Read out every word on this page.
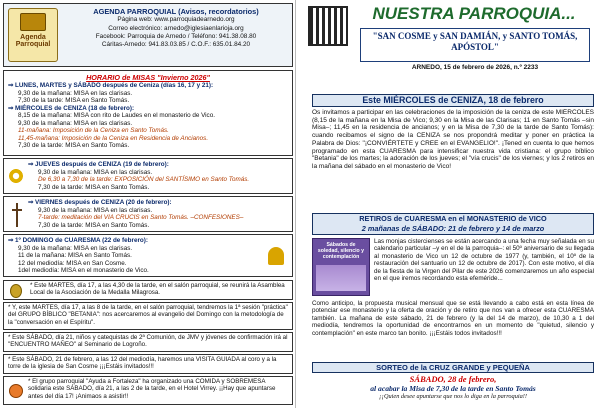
Agenda
Parroquial
AGENDA PARROQUIAL (Avisos, recordatorios)
Página web: www.parroquiadearnedo.org
Correo electrónico: arnedo@iglesiaenlarioja.org
Facebook: Parroquia de Arnedo / Teléfono: 941.38.08.80
Cáritas-Arnedo: 941.83.03.85 / C.O.F.: 635.01.84.20
HORARIO de MISAS "Invierno 2026"
⇒ LUNES, MARTES y SÁBADO después de Ceniza (días 16, 17 y 21):
9,30 de la mañana: MISA en las clarisas.
7,30 de la tarde: MISA en Santo Tomás.
⇒ MIÉRCOLES de CENIZA (18 de febrero):
8,15 de la mañana: MISA con rito de Laudes en el monasterio de Vico.
9,30 de la mañana: MISA en las clarisas.
11-mañana: Imposición de la Ceniza en Santo Tomás.
11,45-mañana: Imposición de la Ceniza en Residencia de Ancianos.
7,30 de la tarde: MISA en Santo Tomás.
⇒ JUEVES después de CENIZA (19 de febrero):
9,30 de la mañana: MISA en las clarisas.
De 6,30 a 7,30 de la tarde: EXPOSICIÓN del SANTÍSIMO en Santo Tomás.
7,30 de la tarde: MISA en Santo Tomás.
⇒ VIERNES después de CENIZA (20 de febrero):
9,30 de la mañana: MISA en las clarisas.
7-tarde: meditación del VIA CRUCIS en Santo Tomás. –CONFESIONES–
7,30 de la tarde: MISA en Santo Tomás.
⇒ 1º DOMINGO de CUARESMA (22 de febrero):
9,30 de la mañana: MISA en las clarisas.
11 de la mañana: MISA en Santo Tomás.
12 del mediodía: MISA en San Cosme.
1del mediodía: MISA en el monasterio de Vico.
* Este MARTES, día 17, a las 4,30 de la tarde, en el salón parroquial, se reunirá la Asamblea Local de la Asociación de la Medalla Milagrosa.
* Y, este MARTES, día 17, a las 8 de la tarde, en el salón parroquial, tendremos la 1ª sesión "práctica" del GRUPO BÍBLICO "BETANIA": nos acercaremos al evangelio del Domingo con la metodología de la "conversación en el Espíritu".
* Este SÁBADO, día 21, niños y catequistas de 2ª Comunión, de JMV y jóvenes de confirmación irá al "ENCUENTRO MAÑEO" al Seminario de Logroño.
* Este SÁBADO, 21 de febrero, a las 12 del mediodía, haremos una VISITA GUIADA al coro y a la torre de la iglesia de San Cosme ¡¡¡Estáis invitados!!!
* El grupo parroquial "Ayuda a Fortaleza" ha organizado una COMIDA y SOBREMESA solidaria este SÁBADO, día 21, a las 2 de la tarde, en el Hotel Virrey. ¡¡Hay que apuntarse antes del día 17! ¡Animaos a asistir!!
NUESTRA PARROQUIA...
"SAN COSME y SAN DAMIÁN, y SANTO TOMÁS, APÓSTOL"
ARNEDO, 15 de febrero de 2026, n.º 2233
Este MIÉRCOLES de CENIZA, 18 de febrero
Os invitamos a participar en las celebraciones de la imposición de la ceniza de este MIÉRCOLES (8,15 de la mañana en la Misa de Vico; 9,30 en la Misa de las Clarisas; 11 en Santo Tomás –sin Misa–; 11,45 en la residencia de ancianos; y en la Misa de 7,30 de la tarde de Santo Tomás): cuando recibamos el signo de la CENIZA se nos propondrá meditar y poner en práctica la Palabra de Dios: "¡CONVIÉRTETE y CREE en el EVANGELIO!". ¡Tened en cuenta lo que hemos programado en esta CUARESMA para intensificar nuestra vida cristiana: el grupo bíblico "Betania" de los martes; la adoración de los jueves; el "vía crucis" de los viernes; y los 2 retiros en la mañana del sábado en el monasterio de Vico!
RETIROS de CUARESMA en el MONASTERIO de VICO
2 mañanas de SÁBADO: 21 de febrero y 14 de marzo
Sábados de soledad, silencio y contemplación
Las monjas cistercienses se están acercando a una fecha muy señalada en su calendario particular –y en el de la parroquia–: el 50º aniversario de su llegada al monasterio de Vico un 12 de octubre de 1977 (y, también, el 10º de la restauración del santuario un 12 de octubre de 2017). Con este motivo, el día de la fiesta de la Virgen del Pilar de este 2026 comenzaremos un año especial en el que iremos recordando esta efeméride...
Como anticipo, la propuesta musical mensual que se está llevando a cabo está en esta línea de potenciar ese monasterio y la oferta de oración y de retiro que nos van a ofrecer esta CUARESMA también. La mañana de este sábado, 21 de febrero (y la del 14 de marzo), de 10,30 a 1 del mediodía, tendremos la oportunidad de encontrarnos en un momento de "quietud, silencio y contemplación" en este marco tan bonito. ¡¡¡Estáis todos invitados!!!
SORTEO de la CRUZ GRANDE y PEQUEÑA
SÁBADO, 28 de febrero,
al acabar la Misa de 7,30 de la tarde en Santo Tomás
¡¡Quien desee apuntarse que nos lo diga en la parroquia!!
